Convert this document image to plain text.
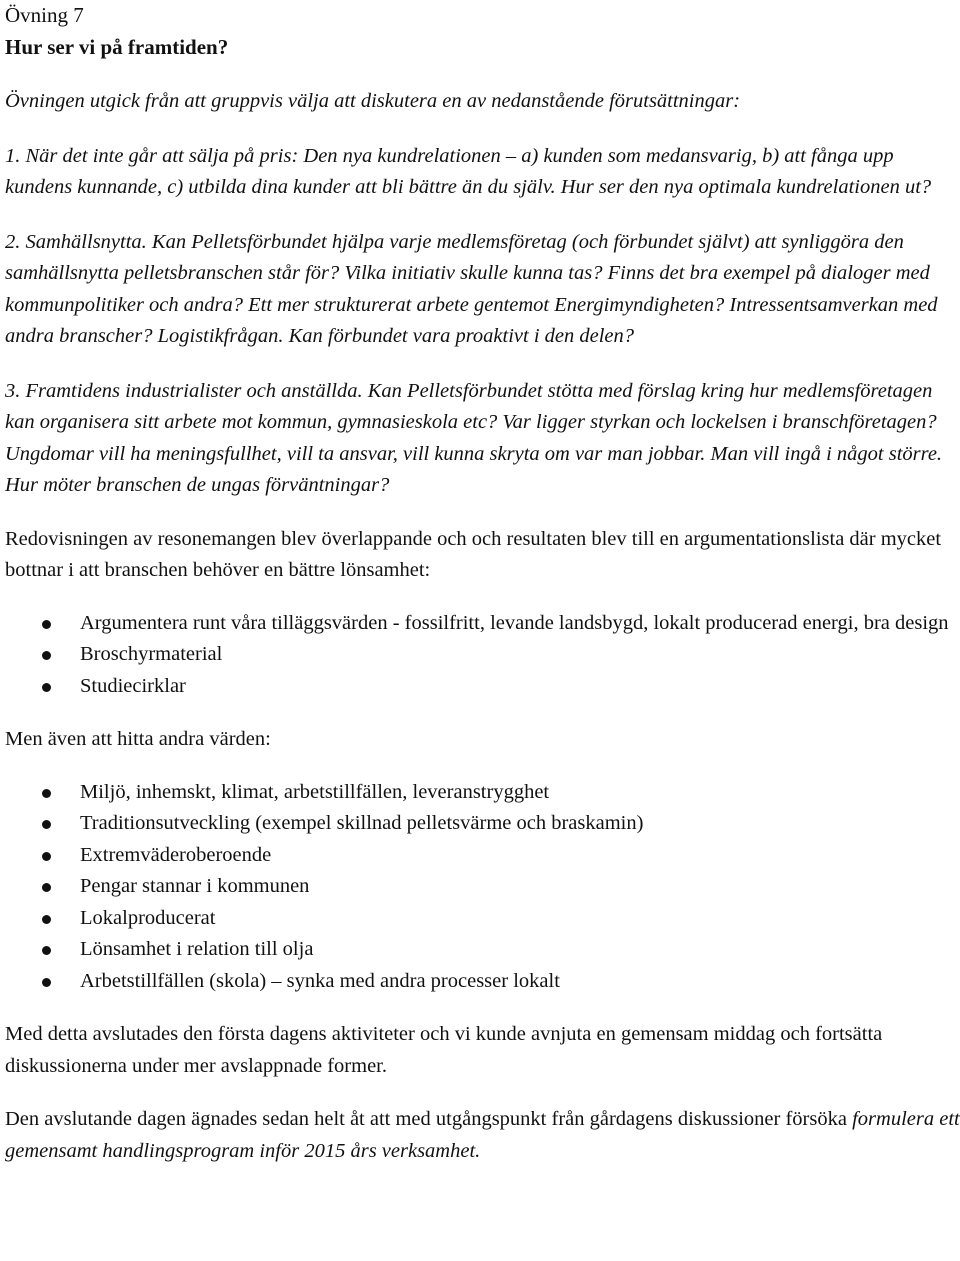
Övning 7

Hur ser vi på framtiden?

Övningen utgick från att gruppvis välja att diskutera en av nedanstående förutsättningar:

1. När det inte går att sälja på pris: Den nya kundrelationen – a) kunden som medansvarig, b) att fånga upp kundens kunnande, c) utbilda dina kunder att bli bättre än du själv. Hur ser den nya optimala kundrelationen ut?

2. Samhällsnytta. Kan Pelletsförbundet hjälpa varje medlemsföretag (och förbundet självt) att synliggöra den samhällsnytta pelletsbranschen står för? Vilka initiativ skulle kunna tas? Finns det bra exempel på dialoger med kommunpolitiker och andra? Ett mer strukturerat arbete gentemot Energimyndigheten? Intressentsamverkan med andra branscher? Logistikfrågan. Kan förbundet vara proaktivt i den delen?

3. Framtidens industrialister och anställda. Kan Pelletsförbundet stötta med förslag kring hur medlemsföretagen kan organisera sitt arbete mot kommun, gymnasieskola etc? Var ligger styrkan och lockelsen i branschföretagen? Ungdomar vill ha meningsfullhet, vill ta ansvar, vill kunna skryta om var man jobbar. Man vill ingå i något större. Hur möter branschen de ungas förväntningar?

Redovisningen av resonemangen blev överlappande och och resultaten blev till en argumentationslista där mycket bottnar i att branschen behöver en bättre lönsamhet:

Argumentera runt våra tilläggsvärden - fossilfritt, levande landsbygd, lokalt producerad energi, bra design
Broschyrmaterial
Studiecirklar

Men även att hitta andra värden:

Miljö, inhemskt, klimat, arbetstillfällen, leveranstrygghet
Traditionsutveckling (exempel skillnad pelletsvärme och braskamin)
Extremväderoberoende
Pengar stannar i kommunen
Lokalproducerat
Lönsamhet i relation till olja
Arbetstillfällen (skola) – synka med andra processer lokalt

Med detta avslutades den första dagens aktiviteter och vi kunde avnjuta en gemensam middag och fortsätta diskussionerna under mer avslappnade former.

Den avslutande dagen ägnades sedan helt åt att med utgångspunkt från gårdagens diskussioner försöka formulera ett gemensamt handlingsprogram inför 2015 års verksamhet.
